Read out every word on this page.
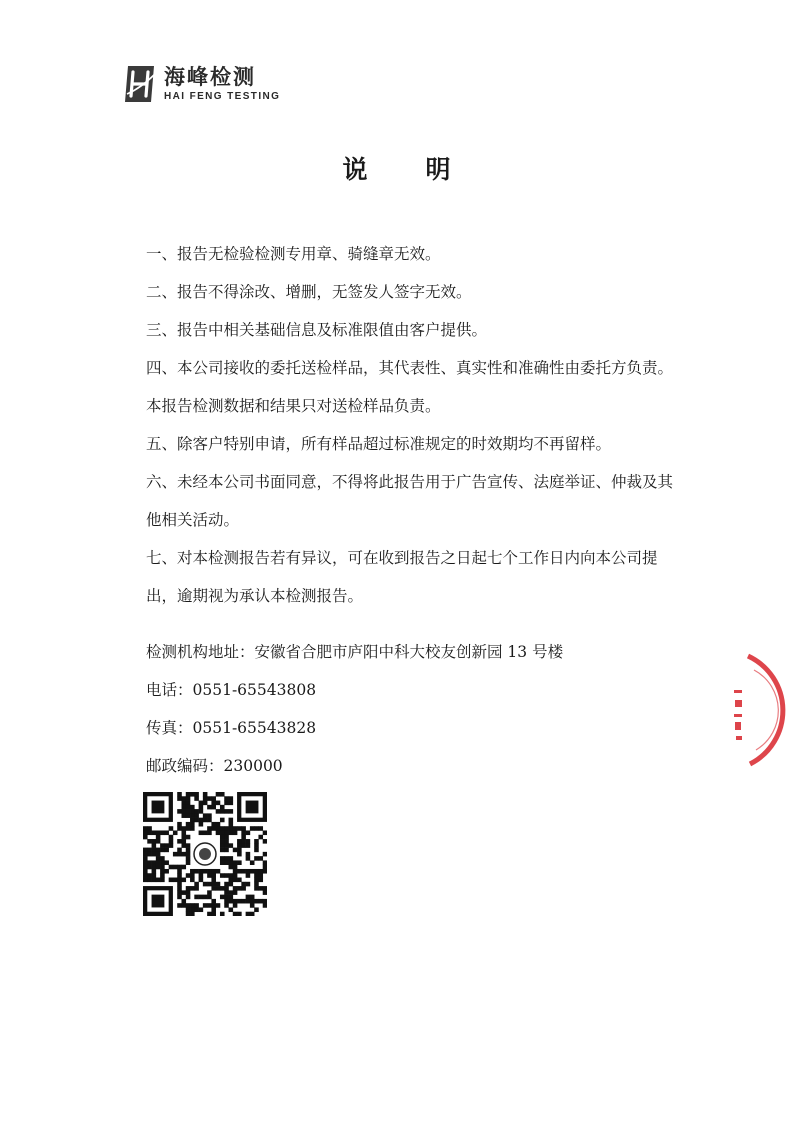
海峰检测
HAI FENG TESTING
说 明

一、报告无检验检测专用章、骑缝章无效。

二、报告不得涂改、增删，无签发人签字无效。

三、报告中相关基础信息及标准限值由客户提供。

四、本公司接收的委托送检样品，其代表性、真实性和准确性由委托方负责。本报告检测数据和结果只对送检样品负责。

五、除客户特别申请，所有样品超过标准规定的时效期均不再留样。

六、未经本公司书面同意，不得将此报告用于广告宣传、法庭举证、仲裁及其他相关活动。

七、对本检测报告若有异议，可在收到报告之日起七个工作日内向本公司提出，逾期视为承认本检测报告。

检测机构地址：安徽省合肥市庐阳中科大校友创新园 13 号楼

电话：0551-65543808

传真：0551-65543828

邮政编码：230000
